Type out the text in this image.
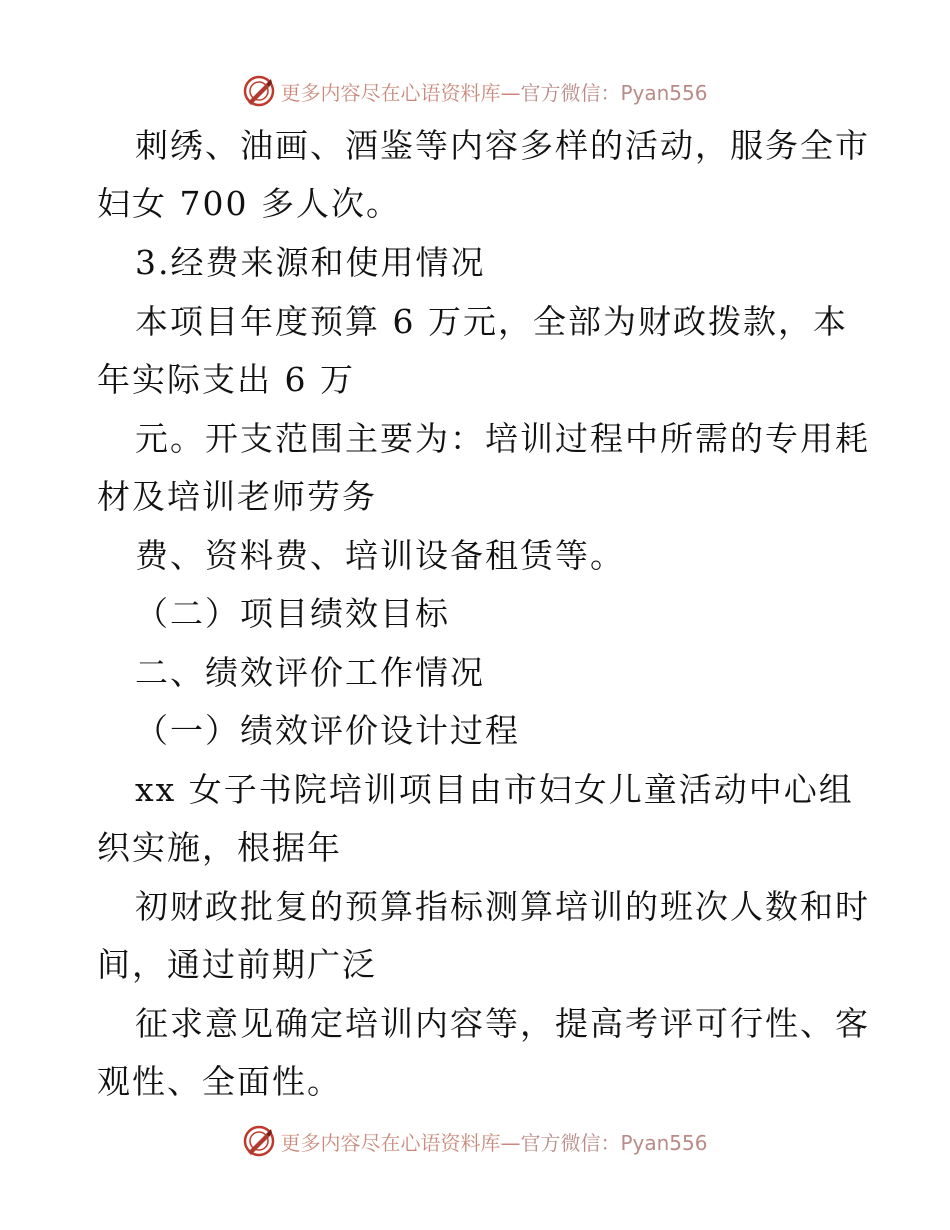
更多内容尽在心语资料库—官方微信：Pyan556
刺绣、油画、酒鉴等内容多样的活动，服务全市
妇女 700 多人次。
3.经费来源和使用情况
本项目年度预算 6 万元，全部为财政拨款，本
年实际支出 6 万
元。开支范围主要为：培训过程中所需的专用耗
材及培训老师劳务
费、资料费、培训设备租赁等。
（二）项目绩效目标
二、绩效评价工作情况
（一）绩效评价设计过程
xx 女子书院培训项目由市妇女儿童活动中心组
织实施，根据年
初财政批复的预算指标测算培训的班次人数和时
间，通过前期广泛
征求意见确定培训内容等，提高考评可行性、客
观性、全面性。
更多内容尽在心语资料库—官方微信：Pyan556
